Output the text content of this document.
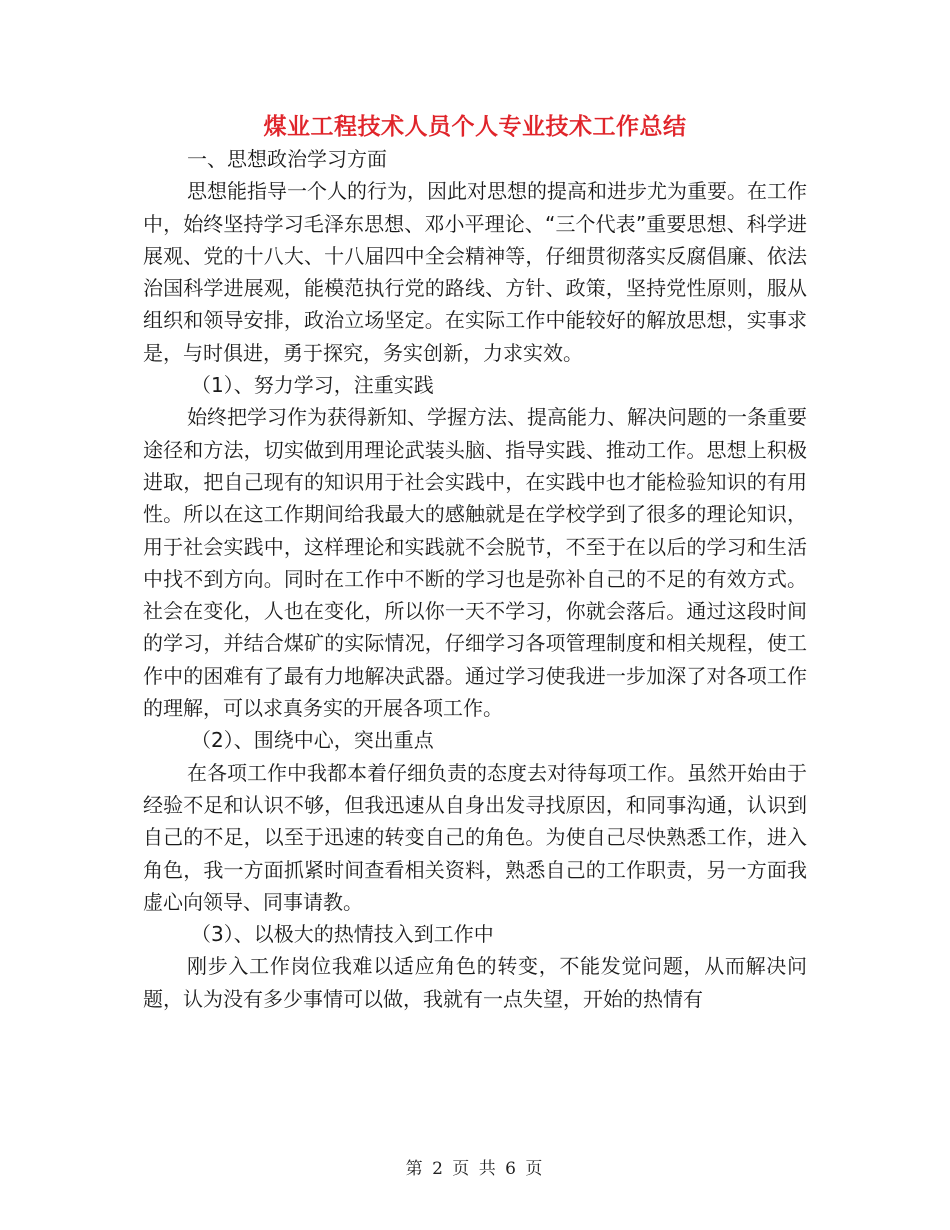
煤业工程技术人员个人专业技术工作总结

一、思想政治学习方面

思想能指导一个人的行为，因此对思想的提高和进步尤为重要。在工作中，始终坚持学习毛泽东思想、邓小平理论、“三个代表”重要思想、科学进展观、党的十八大、十八届四中全会精神等，仔细贯彻落实反腐倡廉、依法治国科学进展观，能模范执行党的路线、方针、政策，坚持党性原则，服从组织和领导安排，政治立场坚定。在实际工作中能较好的解放思想，实事求是，与时俱进，勇于探究，务实创新，力求实效。

（1）、努力学习，注重实践

始终把学习作为获得新知、学握方法、提高能力、解决问题的一条重要途径和方法，切实做到用理论武装头脑、指导实践、推动工作。思想上积极进取，把自己现有的知识用于社会实践中，在实践中也才能检验知识的有用性。所以在这工作期间给我最大的感触就是在学校学到了很多的理论知识，用于社会实践中，这样理论和实践就不会脱节，不至于在以后的学习和生活中找不到方向。同时在工作中不断的学习也是弥补自己的不足的有效方式。社会在变化，人也在变化，所以你一天不学习，你就会落后。通过这段时间的学习，并结合煤矿的实际情况，仔细学习各项管理制度和相关规程，使工作中的困难有了最有力地解决武器。通过学习使我进一步加深了对各项工作的理解，可以求真务实的开展各项工作。

（2）、围绕中心，突出重点

在各项工作中我都本着仔细负责的态度去对待每项工作。虽然开始由于经验不足和认识不够，但我迅速从自身出发寻找原因，和同事沟通，认识到自己的不足，以至于迅速的转变自己的角色。为使自己尽快熟悉工作，进入角色，我一方面抓紧时间查看相关资料，熟悉自己的工作职责，另一方面我虚心向领导、同事请教。

（3）、以极大的热情技入到工作中

刚步入工作岗位我难以适应角色的转变，不能发觉问题，从而解决问题，认为没有多少事情可以做，我就有一点失望，开始的热情有

第 2 页 共 6 页
